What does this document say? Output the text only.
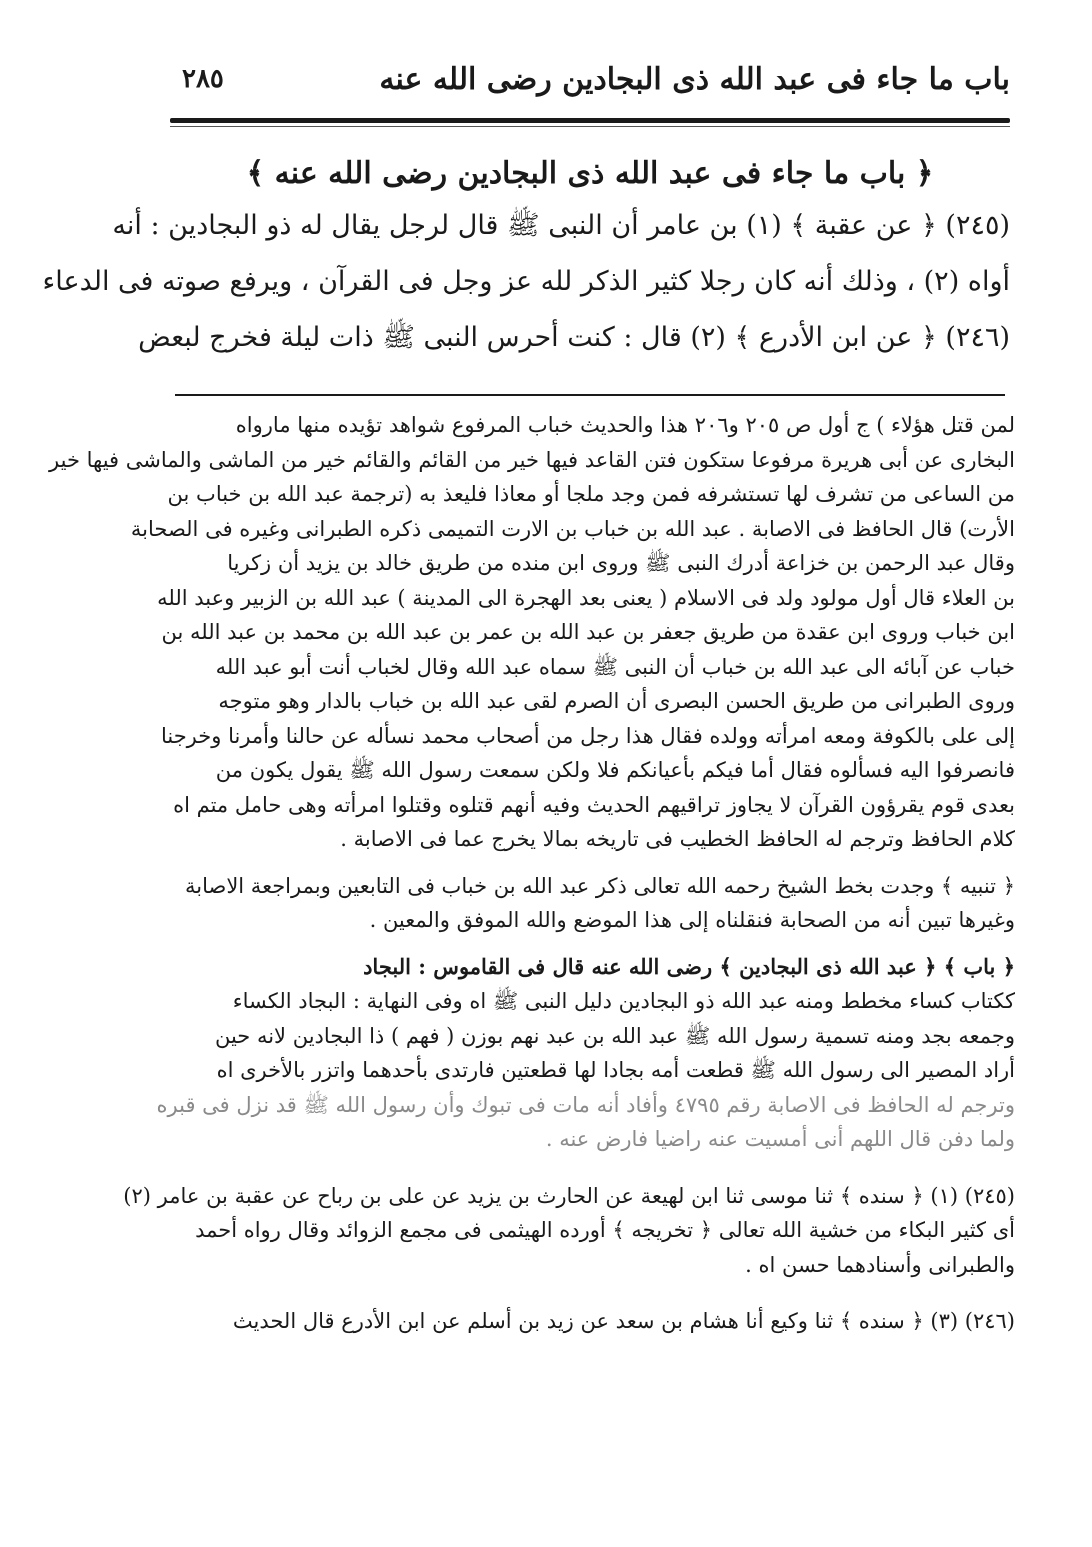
باب ما جاء فى عبد الله ذى البجادين رضى الله عنه
٢٨٥
﴿ باب ما جاء فى عبد الله ذى البجادين رضى الله عنه ﴾
(٢٤٥) ﴿ عن عقبة ﴾ (١) بن عامر أن النبى ﷺ قال لرجل يقال له ذو البجادين : أنه
أواه (٢) ، وذلك أنه كان رجلا كثير الذكر لله عز وجل فى القرآن ، ويرفع صوته فى الدعاء
(٢٤٦) ﴿ عن ابن الأدرع ﴾ (٢) قال : كنت أحرس النبى ﷺ ذات ليلة فخرج لبعض
لمن قتل هؤلاء ) ج أول ص ٢٠٥ و٢٠٦ هذا والحديث خباب المرفوع شواهد تؤيده منها مارواه
البخارى عن أبى هريرة مرفوعا ستكون فتن القاعد فيها خير من القائم والقائم خير من الماشى والماشى فيها خير
من الساعى من تشرف لها تستشرفه فمن وجد ملجا أو معاذا فليعذ به (ترجمة عبد الله بن خباب بن
الأرت) قال الحافظ فى الاصابة . عبد الله بن خباب بن الارت التميمى ذكره الطبرانى وغيره فى الصحابة
وقال عبد الرحمن بن خزاعة أدرك النبى ﷺ وروى ابن منده من طريق خالد بن يزيد أن زكريا
بن العلاء قال أول مولود ولد فى الاسلام ( يعنى بعد الهجرة الى المدينة ) عبد الله بن الزبير وعبد الله
ابن خباب وروى ابن عقدة من طريق جعفر بن عبد الله بن عمر بن عبد الله بن محمد بن عبد الله بن
خباب عن آبائه الى عبد الله بن خباب أن النبى ﷺ سماه عبد الله وقال لخباب أنت أبو عبد الله
وروى الطبرانى من طريق الحسن البصرى أن الصرم لقى عبد الله بن خباب بالدار وهو متوجه
إلى على بالكوفة ومعه امرأته وولده فقال هذا رجل من أصحاب محمد نسأله عن حالنا وأمرنا وخرجنا
فانصرفوا اليه فسألوه فقال أما فيكم بأعيانكم فلا ولكن سمعت رسول الله ﷺ يقول يكون من
بعدى قوم يقرؤون القرآن لا يجاوز تراقيهم الحديث وفيه أنهم قتلوه وقتلوا امرأته وهى حامل متم اه
كلام الحافظ وترجم له الحافظ الخطيب فى تاريخه بمالا يخرج عما فى الاصابة .
﴿ تنبيه ﴾ وجدت بخط الشيخ رحمه الله تعالى ذكر عبد الله بن خباب فى التابعين وبمراجعة الاصابة
وغيرها تبين أنه من الصحابة فنقلناه إلى هذا الموضع والله الموفق والمعين .
﴿ باب ﴾ ﴿ عبد الله ذى البجادين ﴾ رضى الله عنه قال فى القاموس : البجاد
ككتاب كساء مخطط ومنه عبد الله ذو البجادين دليل النبى ﷺ اه وفى النهاية : البجاد الكساء
وجمعه بجد ومنه تسمية رسول الله ﷺ عبد الله بن عبد نهم بوزن ( فهم ) ذا البجادين لانه حين
أراد المصير الى رسول الله ﷺ قطعت أمه بجادا لها قطعتين فارتدى بأحدهما واتزر بالأخرى اه
وترجم له الحافظ فى الاصابة رقم ٤٧٩٥ وأفاد أنه مات فى تبوك وأن رسول الله ﷺ قد نزل فى قبره
ولما دفن قال اللهم أنى أمسيت عنه راضيا فارض عنه .
(٢٤٥) (١) ﴿ سنده ﴾ ثنا موسى ثنا ابن لهيعة عن الحارث بن يزيد عن على بن رباح عن عقبة بن عامر (٢)
أى كثير البكاء من خشية الله تعالى ﴿ تخريجه ﴾ أورده الهيثمى فى مجمع الزوائد وقال رواه أحمد
والطبرانى وأسنادهما حسن اه .
(٢٤٦) (٣) ﴿ سنده ﴾ ثنا وكيع أنا هشام بن سعد عن زيد بن أسلم عن ابن الأدرع قال الحديث
